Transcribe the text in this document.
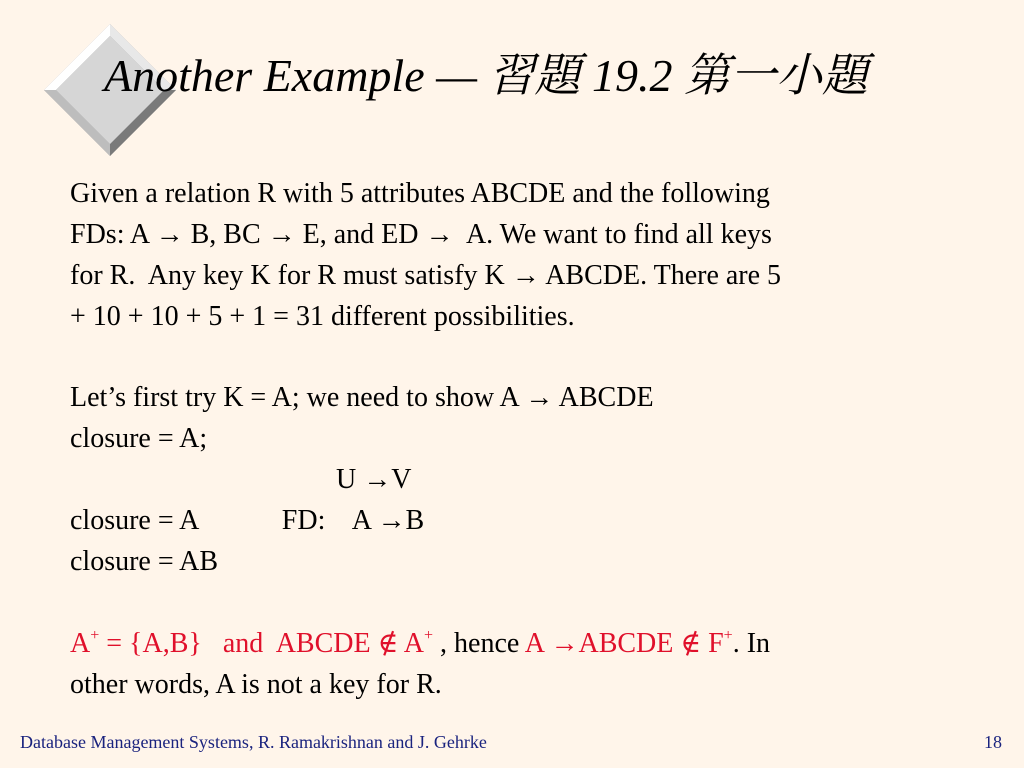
Another Example — 習題 19.2 第一小題
Given a relation R with 5 attributes ABCDE and the following
FDs: A → B, BC → E, and ED →  A. We want to find all keys
for R.  Any key K for R must satisfy K → ABCDE. There are 5
+ 10 + 10 + 5 + 1 = 31 different possibilities.
Let’s first try K = A; we need to show A → ABCDE
closure = A;
U →V
closure = A            FD:    A →B
closure = AB
A+ = {A,B}   and  ABCDE ∉ A+ , hence A →ABCDE ∉ F+. In
other words, A is not a key for R.
Database Management Systems, R. Ramakrishnan and J. Gehrke	18
